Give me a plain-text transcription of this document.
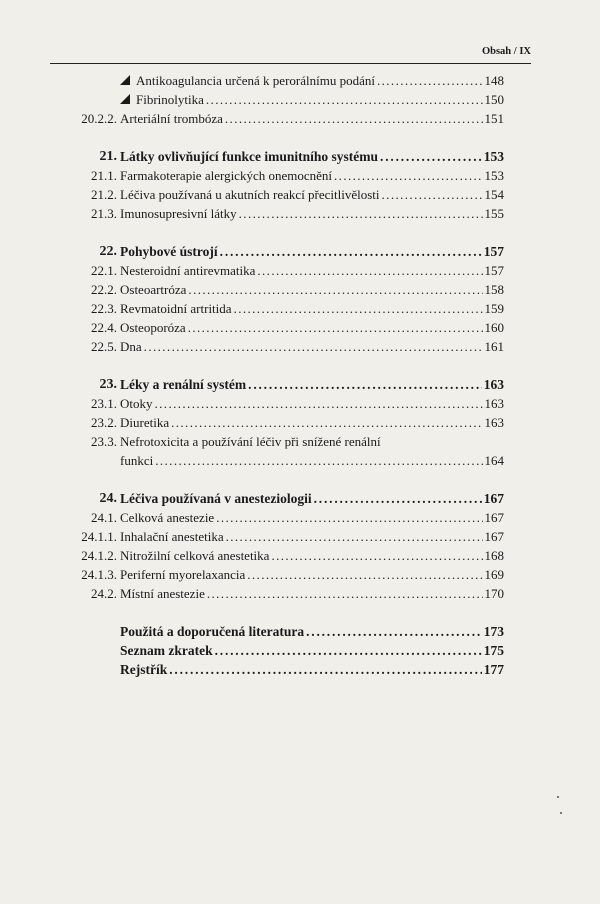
Obsah / IX
Antikoagulancia určená k perorálnímu podání .....	148
Fibrinolytika .....	150
20.2.2. Arteriální trombóza .....	151
21. Látky ovlivňující funkce imunitního systému .....	153
21.1. Farmakoterapie alergických onemocnění .....	153
21.2. Léčiva používaná u akutních reakcí přecitlivělosti .....	154
21.3. Imunosupresivní látky .....	155
22. Pohybové ústrojí .....	157
22.1. Nesteroidní antirevmatika .....	157
22.2. Osteoartróza .....	158
22.3. Revmatoidní artritida .....	159
22.4. Osteoporóza .....	160
22.5. Dna .....	161
23. Léky a renální systém .....	163
23.1. Otoky .....	163
23.2. Diuretika .....	163
23.3. Nefrotoxicita a používání léčiv při snížené renální
funkci .....	164
24. Léčiva používaná v anesteziologii .....	167
24.1. Celková anestezie .....	167
24.1.1. Inhalační anestetika .....	167
24.1.2. Nitrožilní celková anestetika .....	168
24.1.3. Periferní myorelaxancia .....	169
24.2. Místní anestezie .....	170
Použitá a doporučená literatura .....	173
Seznam zkratek .....	175
Rejstřík .....	177
